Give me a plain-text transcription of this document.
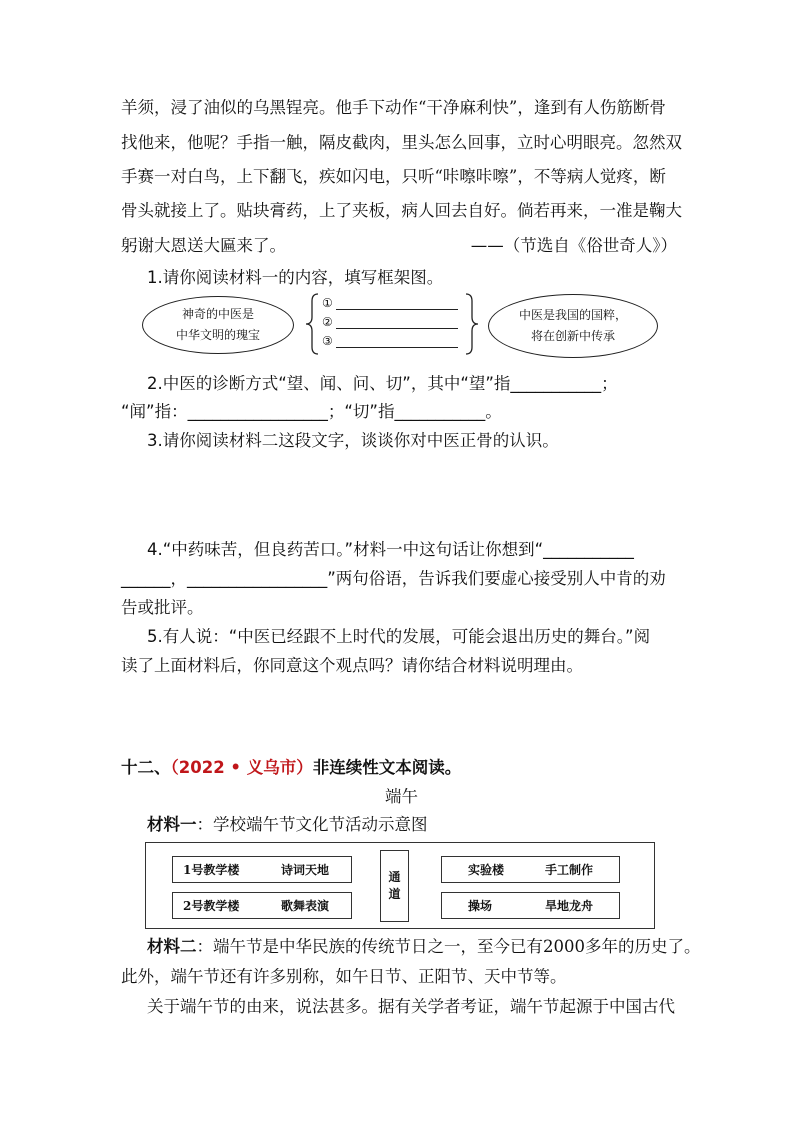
羊须，浸了油似的乌黑锃亮。他手下动作“干净麻利快”，逢到有人伤筋断骨
找他来，他呢？手指一触，隔皮截肉，里头怎么回事，立时心明眼亮。忽然双
手赛一对白鸟，上下翻飞，疾如闪电，只听“咔嚓咔嚓”，不等病人觉疼，断
骨头就接上了。贴块膏药，上了夹板，病人回去自好。倘若再来，一准是鞠大
躬谢大恩送大匾来了。	——（节选自《俗世奇人》）
1.请你阅读材料一的内容，填写框架图。
神奇的中医是
中华文明的瑰宝
①
②
③
中医是我国的国粹，
将在创新中传承
2.中医的诊断方式“望、闻、问、切”，其中“望”指___________；
“闻”指：_________________；“切”指___________。
3.请你阅读材料二这段文字，谈谈你对中医正骨的认识。
4.“中药味苦，但良药苦口。”材料一中这句话让你想到“___________
______，_________________”两句俗语，告诉我们要虚心接受别人中肯的劝
告或批评。
5.有人说：“中医已经跟不上时代的发展，可能会退出历史的舞台。”阅
读了上面材料后，你同意这个观点吗？请你结合材料说明理由。
十二、（2022 • 义乌市）非连续性文本阅读。
端午
材料一：学校端午节文化节活动示意图
1号教学楼	诗词天地
2号教学楼	歌舞表演
通
道
实验楼	手工制作
操场	旱地龙舟
材料二：端午节是中华民族的传统节日之一，至今已有2000多年的历史了。
此外，端午节还有许多别称，如午日节、正阳节、天中节等。
关于端午节的由来，说法甚多。据有关学者考证，端午节起源于中国古代
